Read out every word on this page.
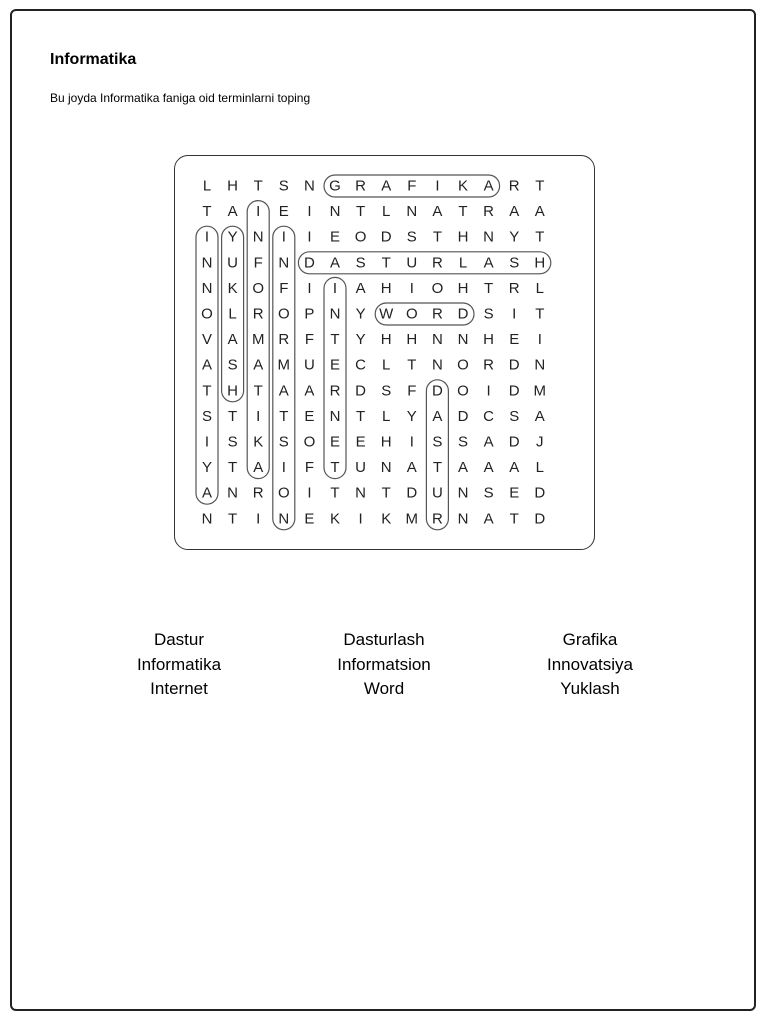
Informatika

Bu joyda Informatika faniga oid terminlarni toping

L H T S N G R A F I K A R T
T A I E I N T L N A T R A A
I Y N I I E O D S T H N Y T
N U F N D A S T U R L A S H
N K O F I I A H I O H T R L
O L R O P N Y W O R D S I T
V A M R F T Y H H N N H E I
A S A M U E C L T N O R D N
T H T A A R D S F D O I D M
S T I T E N T L Y A D C S A
I S K S O E E H I S S A D J
Y T A I F T U N A T A A A L
A N R O I T N T D U N S E D
N T I N E K I K M R N A T D
Dastur
Informatika
Internet
Dasturlash
Informatsion
Word
Grafika
Innovatsiya
Yuklash
